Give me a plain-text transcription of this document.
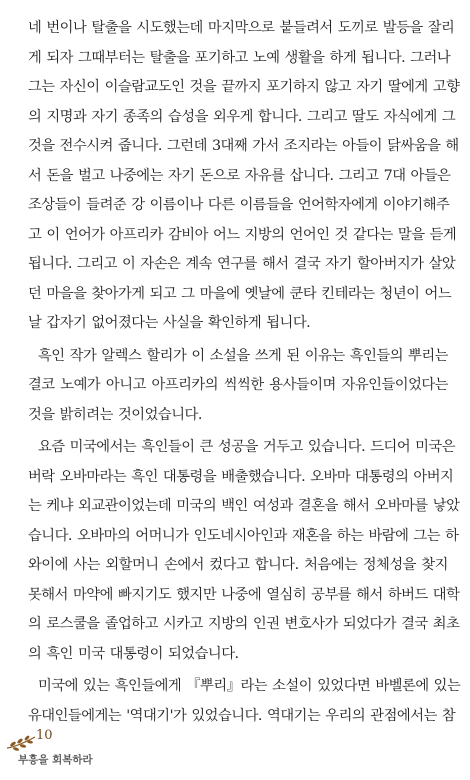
네 번이나 탈출을 시도했는데 마지막으로 붙들려서 도끼로 발등을 잘리
게 되자 그때부터는 탈출을 포기하고 노예 생활을 하게 됩니다. 그러나
그는 자신이 이슬람교도인 것을 끝까지 포기하지 않고 자기 딸에게 고향
의 지명과 자기 종족의 습성을 외우게 합니다. 그리고 딸도 자식에게 그
것을 전수시켜 줍니다. 그런데 3대째 가서 조지라는 아들이 닭싸움을 해
서 돈을 벌고 나중에는 자기 돈으로 자유를 삽니다. 그리고 7대 아들은
조상들이 들려준 강 이름이나 다른 이름들을 언어학자에게 이야기해주
고 이 언어가 아프리카 감비아 어느 지방의 언어인 것 같다는 말을 듣게
됩니다. 그리고 이 자손은 계속 연구를 해서 결국 자기 할아버지가 살았
던 마을을 찾아가게 되고 그 마을에 옛날에 쿤타 킨테라는 청년이 어느
날 갑자기 없어졌다는 사실을 확인하게 됩니다.
흑인 작가 알렉스 할리가 이 소설을 쓰게 된 이유는 흑인들의 뿌리는
결코 노예가 아니고 아프리카의 씩씩한 용사들이며 자유인들이었다는
것을 밝히려는 것이었습니다.
요즘 미국에서는 흑인들이 큰 성공을 거두고 있습니다. 드디어 미국은
버락 오바마라는 흑인 대통령을 배출했습니다. 오바마 대통령의 아버지
는 케냐 외교관이었는데 미국의 백인 여성과 결혼을 해서 오바마를 낳았
습니다. 오바마의 어머니가 인도네시아인과 재혼을 하는 바람에 그는 하
와이에 사는 외할머니 손에서 컸다고 합니다. 처음에는 정체성을 찾지
못해서 마약에 빠지기도 했지만 나중에 열심히 공부를 해서 하버드 대학
의 로스쿨을 졸업하고 시카고 지방의 인권 변호사가 되었다가 결국 최초
의 흑인 미국 대통령이 되었습니다.
미국에 있는 흑인들에게 『뿌리』라는 소설이 있었다면 바벨론에 있는
유대인들에게는 '역대기'가 있었습니다. 역대기는 우리의 관점에서는 참
10
부흥을 회복하라
